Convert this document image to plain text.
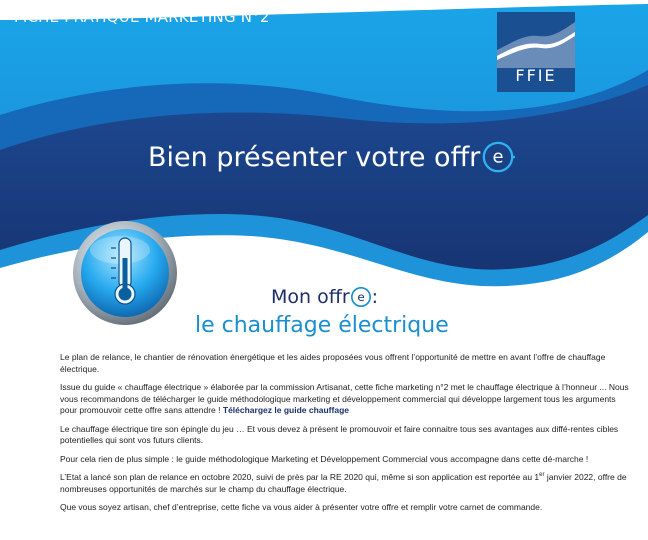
FICHE PRATIQUE MARKETING N°2
FFIE
Bien présenter votre offr e
Mon offr e :
le chauffage électrique

Le plan de relance, le chantier de rénovation énergétique et les aides proposées vous offrent l’opportunité de mettre en avant l’offre de chauffage électrique.

Issue du guide « chauffage électrique » élaborée par la commission Artisanat, cette fiche marketing n°2 met le chauffage électrique à l’honneur ... Nous vous recommandons de télécharger le guide méthodologique marketing et développement commercial qui développe largement tous les arguments pour promouvoir cette offre sans attendre ! Téléchargez le guide chauffage

Le chauffage électrique tire son épingle du jeu … Et vous devez à présent le promouvoir et faire connaitre tous ses avantages aux diffé-rentes cibles potentielles qui sont vos futurs clients.

Pour cela rien de plus simple : le guide méthodologique Marketing et Développement Commercial vous accompagne dans cette dé-marche !

L’Etat a lancé son plan de relance en octobre 2020, suivi de près par la RE 2020 qui, même si son application est reportée au 1er janvier 2022, offre de nombreuses opportunités de marchés sur le champ du chauffage électrique.

Que vous soyez artisan, chef d’entreprise, cette fiche va vous aider à présenter votre offre et remplir votre carnet de commande.
